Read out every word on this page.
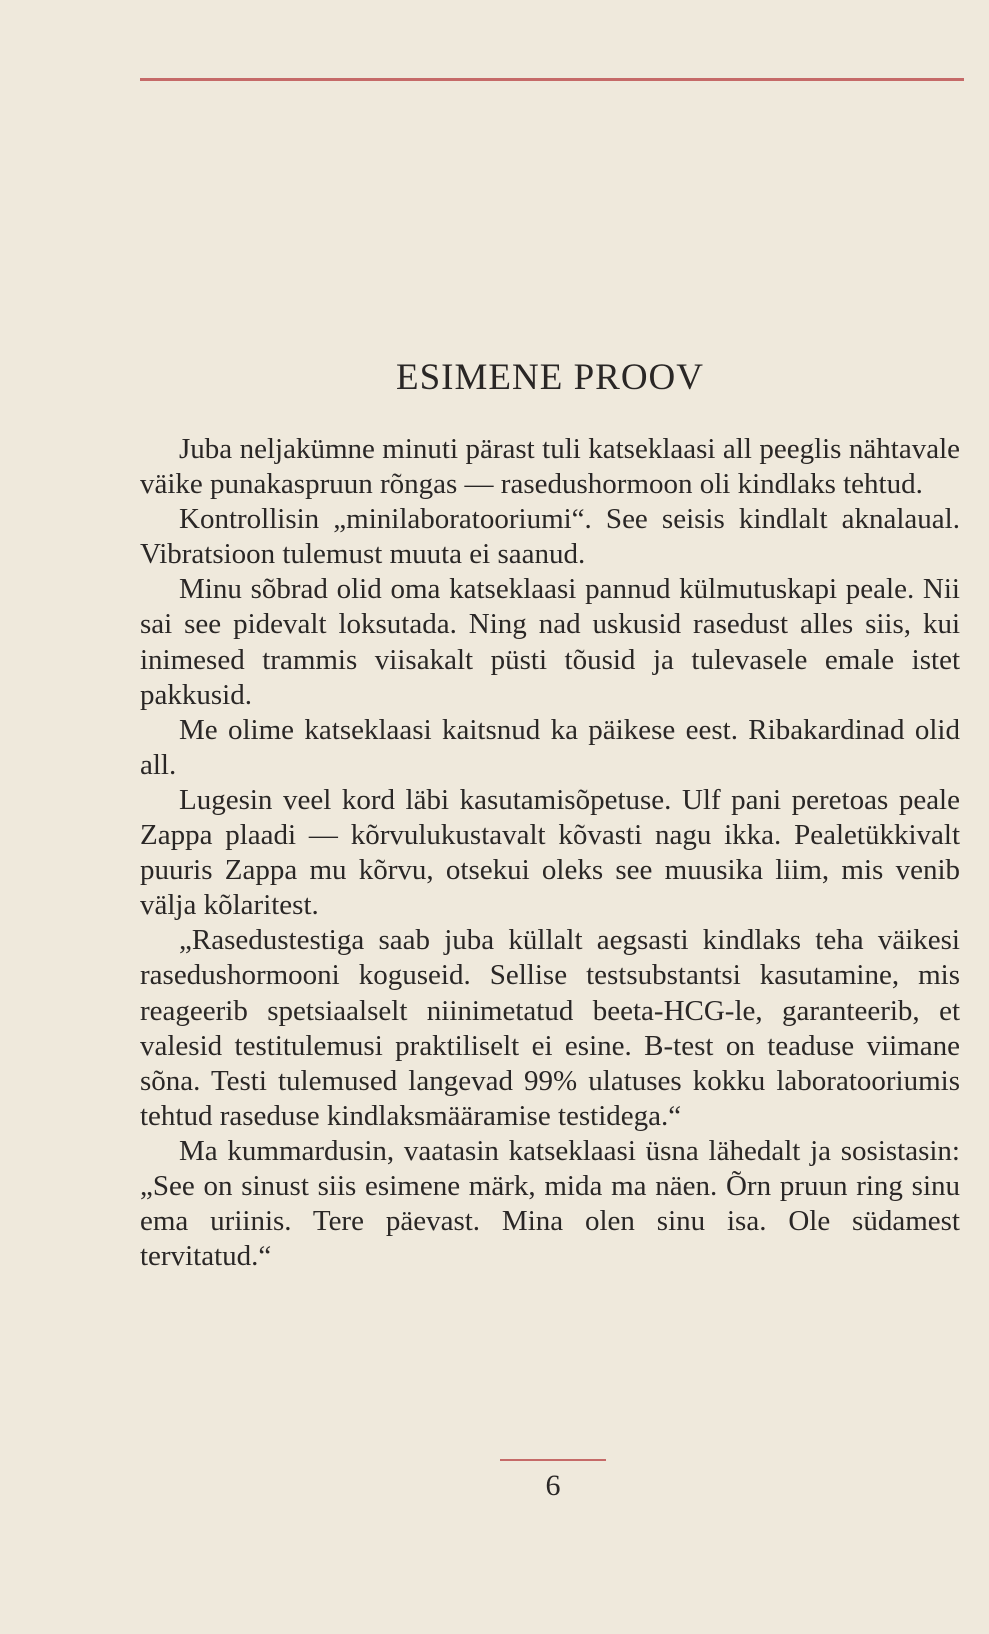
ESIMENE PROOV

Juba neljakümne minuti pärast tuli katseklaasi all peeglis nähtavale väike punakaspruun rõngas — rasedushormoon oli kindlaks tehtud.

Kontrollisin „minilaboratooriumi“. See seisis kindlalt aknalaual. Vibratsioon tulemust muuta ei saanud.

Minu sõbrad olid oma katseklaasi pannud külmutuskapi peale. Nii sai see pidevalt loksutada. Ning nad uskusid rasedust alles siis, kui inimesed trammis viisakalt püsti tõusid ja tulevasele emale istet pakkusid.

Me olime katseklaasi kaitsnud ka päikese eest. Ribakardinad olid all.

Lugesin veel kord läbi kasutamisõpetuse. Ulf pani peretoas peale Zappa plaadi — kõrvulukustavalt kõvasti nagu ikka. Pealetükkivalt puuris Zappa mu kõrvu, otsekui oleks see muusika liim, mis venib välja kõlaritest.

„Rasedustestiga saab juba küllalt aegsasti kindlaks teha väikesi rasedushormooni koguseid. Sellise testsubstantsi kasutamine, mis reageerib spetsiaalselt niinimetatud beeta-HCG-le, garanteerib, et valesid testitulemusi praktiliselt ei esine. B-test on teaduse viimane sõna. Testi tulemused langevad 99% ulatuses kokku laboratooriumis tehtud raseduse kindlaksmääramise testidega.“

Ma kummardusin, vaatasin katseklaasi üsna lähedalt ja sosistasin: „See on sinust siis esimene märk, mida ma näen. Õrn pruun ring sinu ema uriinis. Tere päevast. Mina olen sinu isa. Ole südamest tervitatud.“

6
